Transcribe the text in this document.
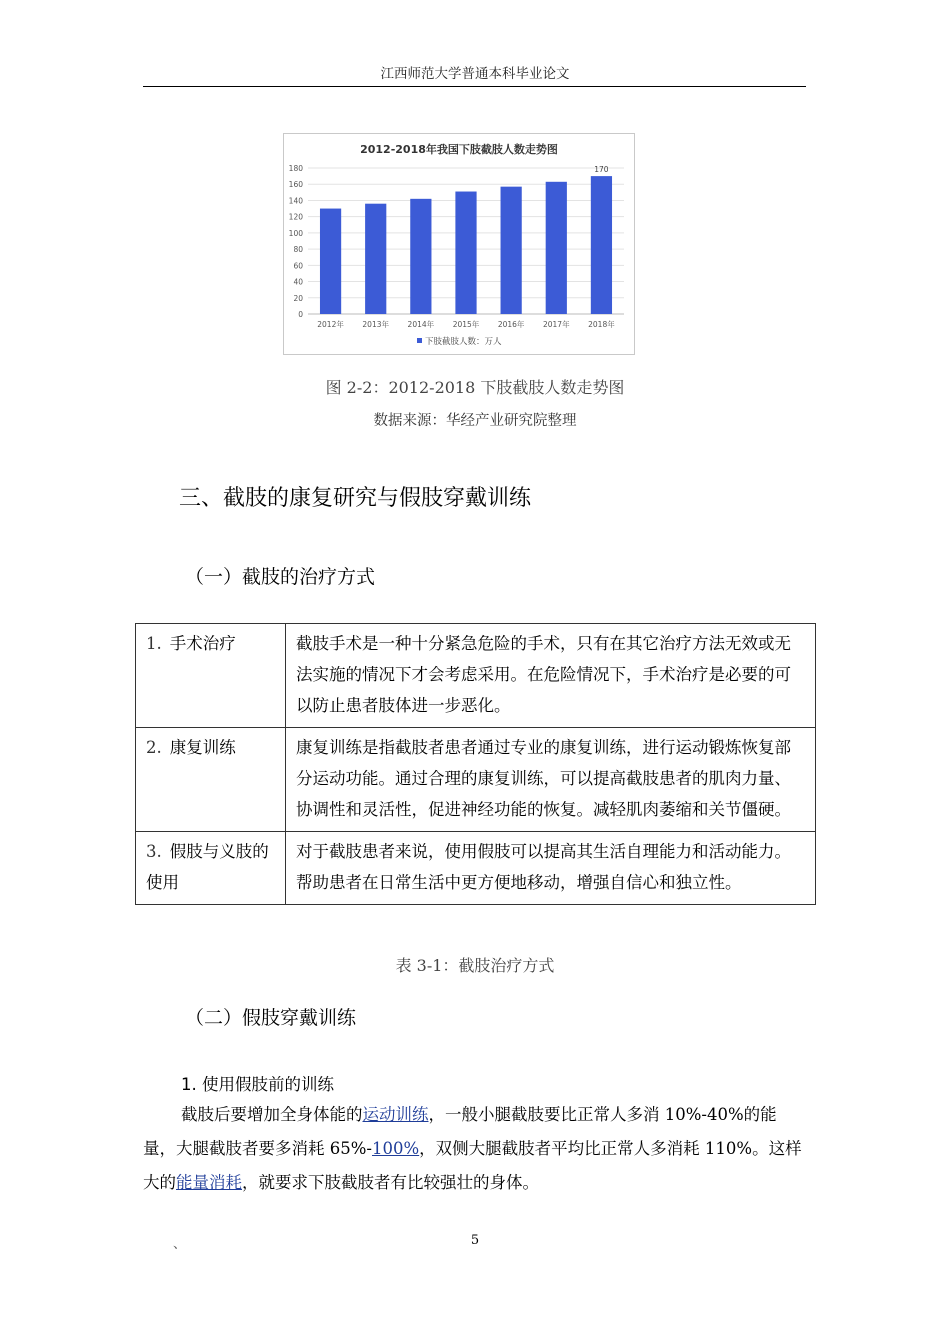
江西师范大学普通本科毕业论文
2012-2018年我国下肢截肢人数走势图
0
20
40
60
80
100
120
140
160
180
2012年 2013年 2014年 2015年 2016年 2017年 2018年
170
下肢截肢人数：万人
图 2-2：2012-2018 下肢截肢人数走势图
数据来源：华经产业研究院整理
三、截肢的康复研究与假肢穿戴训练
（一）截肢的治疗方式
1. 手术治疗	截肢手术是一种十分紧急危险的手术，只有在其它治疗方法无效或无法实施的情况下才会考虑采用。在危险情况下，手术治疗是必要的可以防止患者肢体进一步恶化。
2. 康复训练	康复训练是指截肢者患者通过专业的康复训练，进行运动锻炼恢复部分运动功能。通过合理的康复训练，可以提高截肢患者的肌肉力量、协调性和灵活性，促进神经功能的恢复。减轻肌肉萎缩和关节僵硬。
3. 假肢与义肢的使用	对于截肢患者来说，使用假肢可以提高其生活自理能力和活动能力。帮助患者在日常生活中更方便地移动，增强自信心和独立性。
表 3-1：截肢治疗方式
（二）假肢穿戴训练
1. 使用假肢前的训练
截肢后要增加全身体能的运动训练，一般小腿截肢要比正常人多消 10%-40%的能量，大腿截肢者要多消耗 65%-100%，双侧大腿截肢者平均比正常人多消耗 110%。这样大的能量消耗，就要求下肢截肢者有比较强壮的身体。
、	5
